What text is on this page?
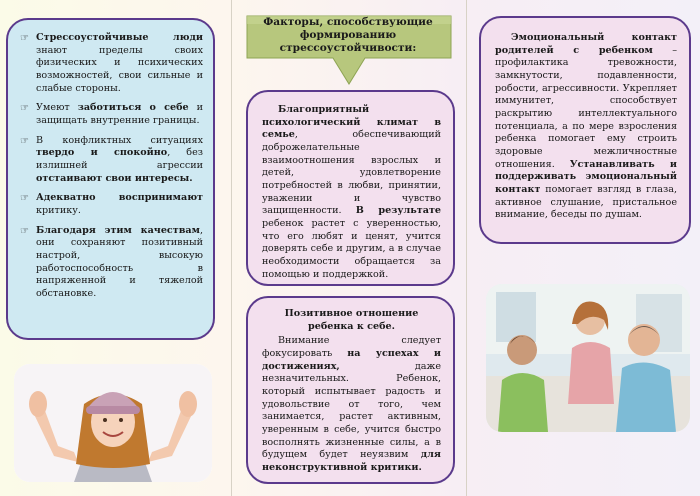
☞ Стрессоустойчивые люди знают пределы своих физических и психических возможностей, свои сильные и слабые стороны.
☞ Умеют заботиться о себе и защищать внутренние границы.
☞ В конфликтных ситуациях твердо и спокойно, без излишней агрессии отстаивают свои интересы.
☞ Адекватно воспринимают критику.
☞ Благодаря этим качествам, они сохраняют позитивный настрой, высокую работоспособность в напряженной и тяжелой обстановке.
Факторы, способствующие формированию стрессоустойчивости:
Благоприятный психологический климат в семье, обеспечивающий доброжелательные взаимоотношения взрослых и детей, удовлетворение потребностей в любви, принятии, уважении и чувство защищенности. В результате ребенок растет с уверенностью, что его любят и ценят, учится доверять себе и другим, а в случае необходимости обращается за помощью и поддержкой.
Позитивное отношение ребенка к себе.
Внимание следует фокусировать на успехах и достижениях, даже незначительных. Ребенок, который испытывает радость и удовольствие от того, чем занимается, растет активным, уверенным в себе, учится быстро восполнять жизненные силы, а в будущем будет неуязвим для неконструктивной критики.
Эмоциональный контакт родителей с ребенком – профилактика тревожности, замкнутости, подавленности, робости, агрессивности. Укрепляет иммунитет, способствует раскрытию интеллектуального потенциала, а по мере взросления ребенка помогает ему строить здоровые межличностные отношения. Устанавливать и поддерживать эмоциональный контакт помогает взгляд в глаза, активное слушание, пристальное внимание, беседы по душам.
